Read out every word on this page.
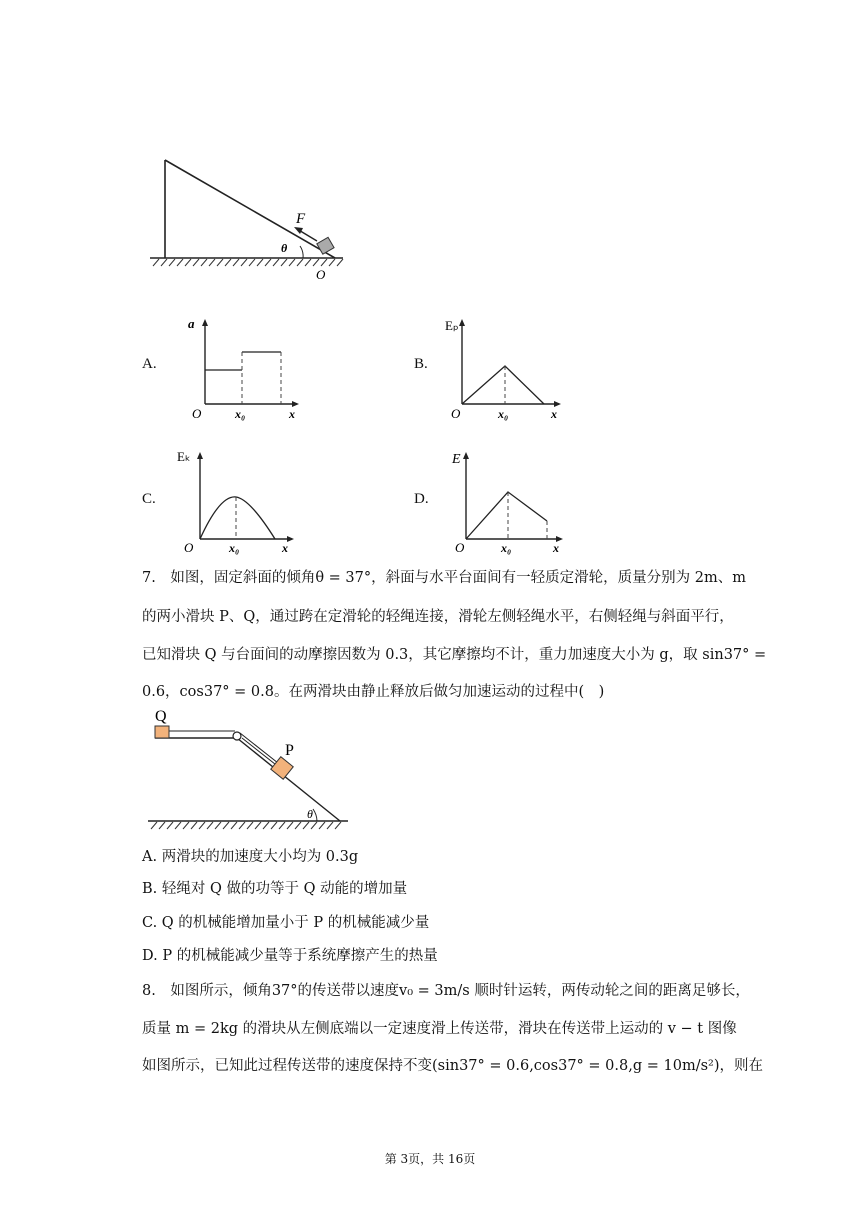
F
θ
O
A.
a
O	x₀	x
B.
Eₚ
O	x₀	x
C.
Eₖ
O	x₀	x
D.
E
O	x₀	x
7.　如图，固定斜面的倾角θ = 37°，斜面与水平台面间有一轻质定滑轮，质量分别为 2m、m
的两小滑块 P、Q，通过跨在定滑轮的轻绳连接，滑轮左侧轻绳水平，右侧轻绳与斜面平行，
已知滑块 Q 与台面间的动摩擦因数为 0.3，其它摩擦均不计，重力加速度大小为 g，取 sin37° =
0.6，cos37° = 0.8。在两滑块由静止释放后做匀加速运动的过程中(　)
Q
P
θ
A. 两滑块的加速度大小均为 0.3g
B. 轻绳对 Q 做的功等于 Q 动能的增加量
C. Q 的机械能增加量小于 P 的机械能减少量
D. P 的机械能减少量等于系统摩擦产生的热量
8.　如图所示，倾角37°的传送带以速度v₀ = 3m/s 顺时针运转，两传动轮之间的距离足够长，
质量 m = 2kg 的滑块从左侧底端以一定速度滑上传送带，滑块在传送带上运动的 v − t 图像
如图所示，已知此过程传送带的速度保持不变(sin37° = 0.6,cos37° = 0.8,g = 10m/s²)，则在
第 3页，共 16页
